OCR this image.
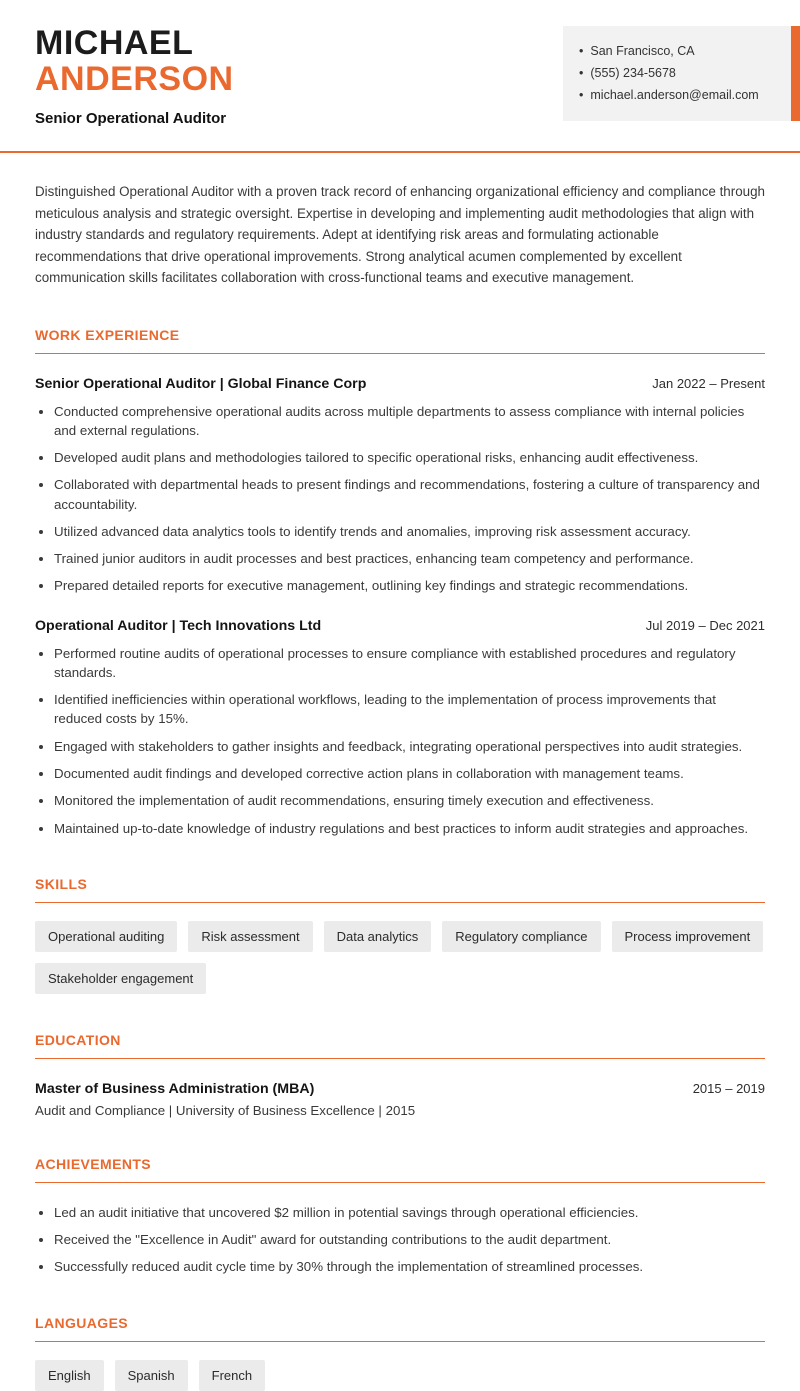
MICHAEL
ANDERSON
Senior Operational Auditor
• San Francisco, CA
• (555) 234-5678
• michael.anderson@email.com

Distinguished Operational Auditor with a proven track record of enhancing organizational efficiency and compliance through meticulous analysis and strategic oversight. Expertise in developing and implementing audit methodologies that align with industry standards and regulatory requirements. Adept at identifying risk areas and formulating actionable recommendations that drive operational improvements. Strong analytical acumen complemented by excellent communication skills facilitates collaboration with cross-functional teams and executive management.

WORK EXPERIENCE
Senior Operational Auditor | Global Finance Corp	Jan 2022 – Present
• Conducted comprehensive operational audits across multiple departments to assess compliance with internal policies and external regulations.
• Developed audit plans and methodologies tailored to specific operational risks, enhancing audit effectiveness.
• Collaborated with departmental heads to present findings and recommendations, fostering a culture of transparency and accountability.
• Utilized advanced data analytics tools to identify trends and anomalies, improving risk assessment accuracy.
• Trained junior auditors in audit processes and best practices, enhancing team competency and performance.
• Prepared detailed reports for executive management, outlining key findings and strategic recommendations.
Operational Auditor | Tech Innovations Ltd	Jul 2019 – Dec 2021
• Performed routine audits of operational processes to ensure compliance with established procedures and regulatory standards.
• Identified inefficiencies within operational workflows, leading to the implementation of process improvements that reduced costs by 15%.
• Engaged with stakeholders to gather insights and feedback, integrating operational perspectives into audit strategies.
• Documented audit findings and developed corrective action plans in collaboration with management teams.
• Monitored the implementation of audit recommendations, ensuring timely execution and effectiveness.
• Maintained up-to-date knowledge of industry regulations and best practices to inform audit strategies and approaches.
SKILLS
Operational auditing	Risk assessment	Data analytics	Regulatory compliance	Process improvement
Stakeholder engagement
EDUCATION
Master of Business Administration (MBA)	2015 – 2019
Audit and Compliance | University of Business Excellence | 2015
ACHIEVEMENTS
• Led an audit initiative that uncovered $2 million in potential savings through operational efficiencies.
• Received the "Excellence in Audit" award for outstanding contributions to the audit department.
• Successfully reduced audit cycle time by 30% through the implementation of streamlined processes.
LANGUAGES
English	Spanish	French
